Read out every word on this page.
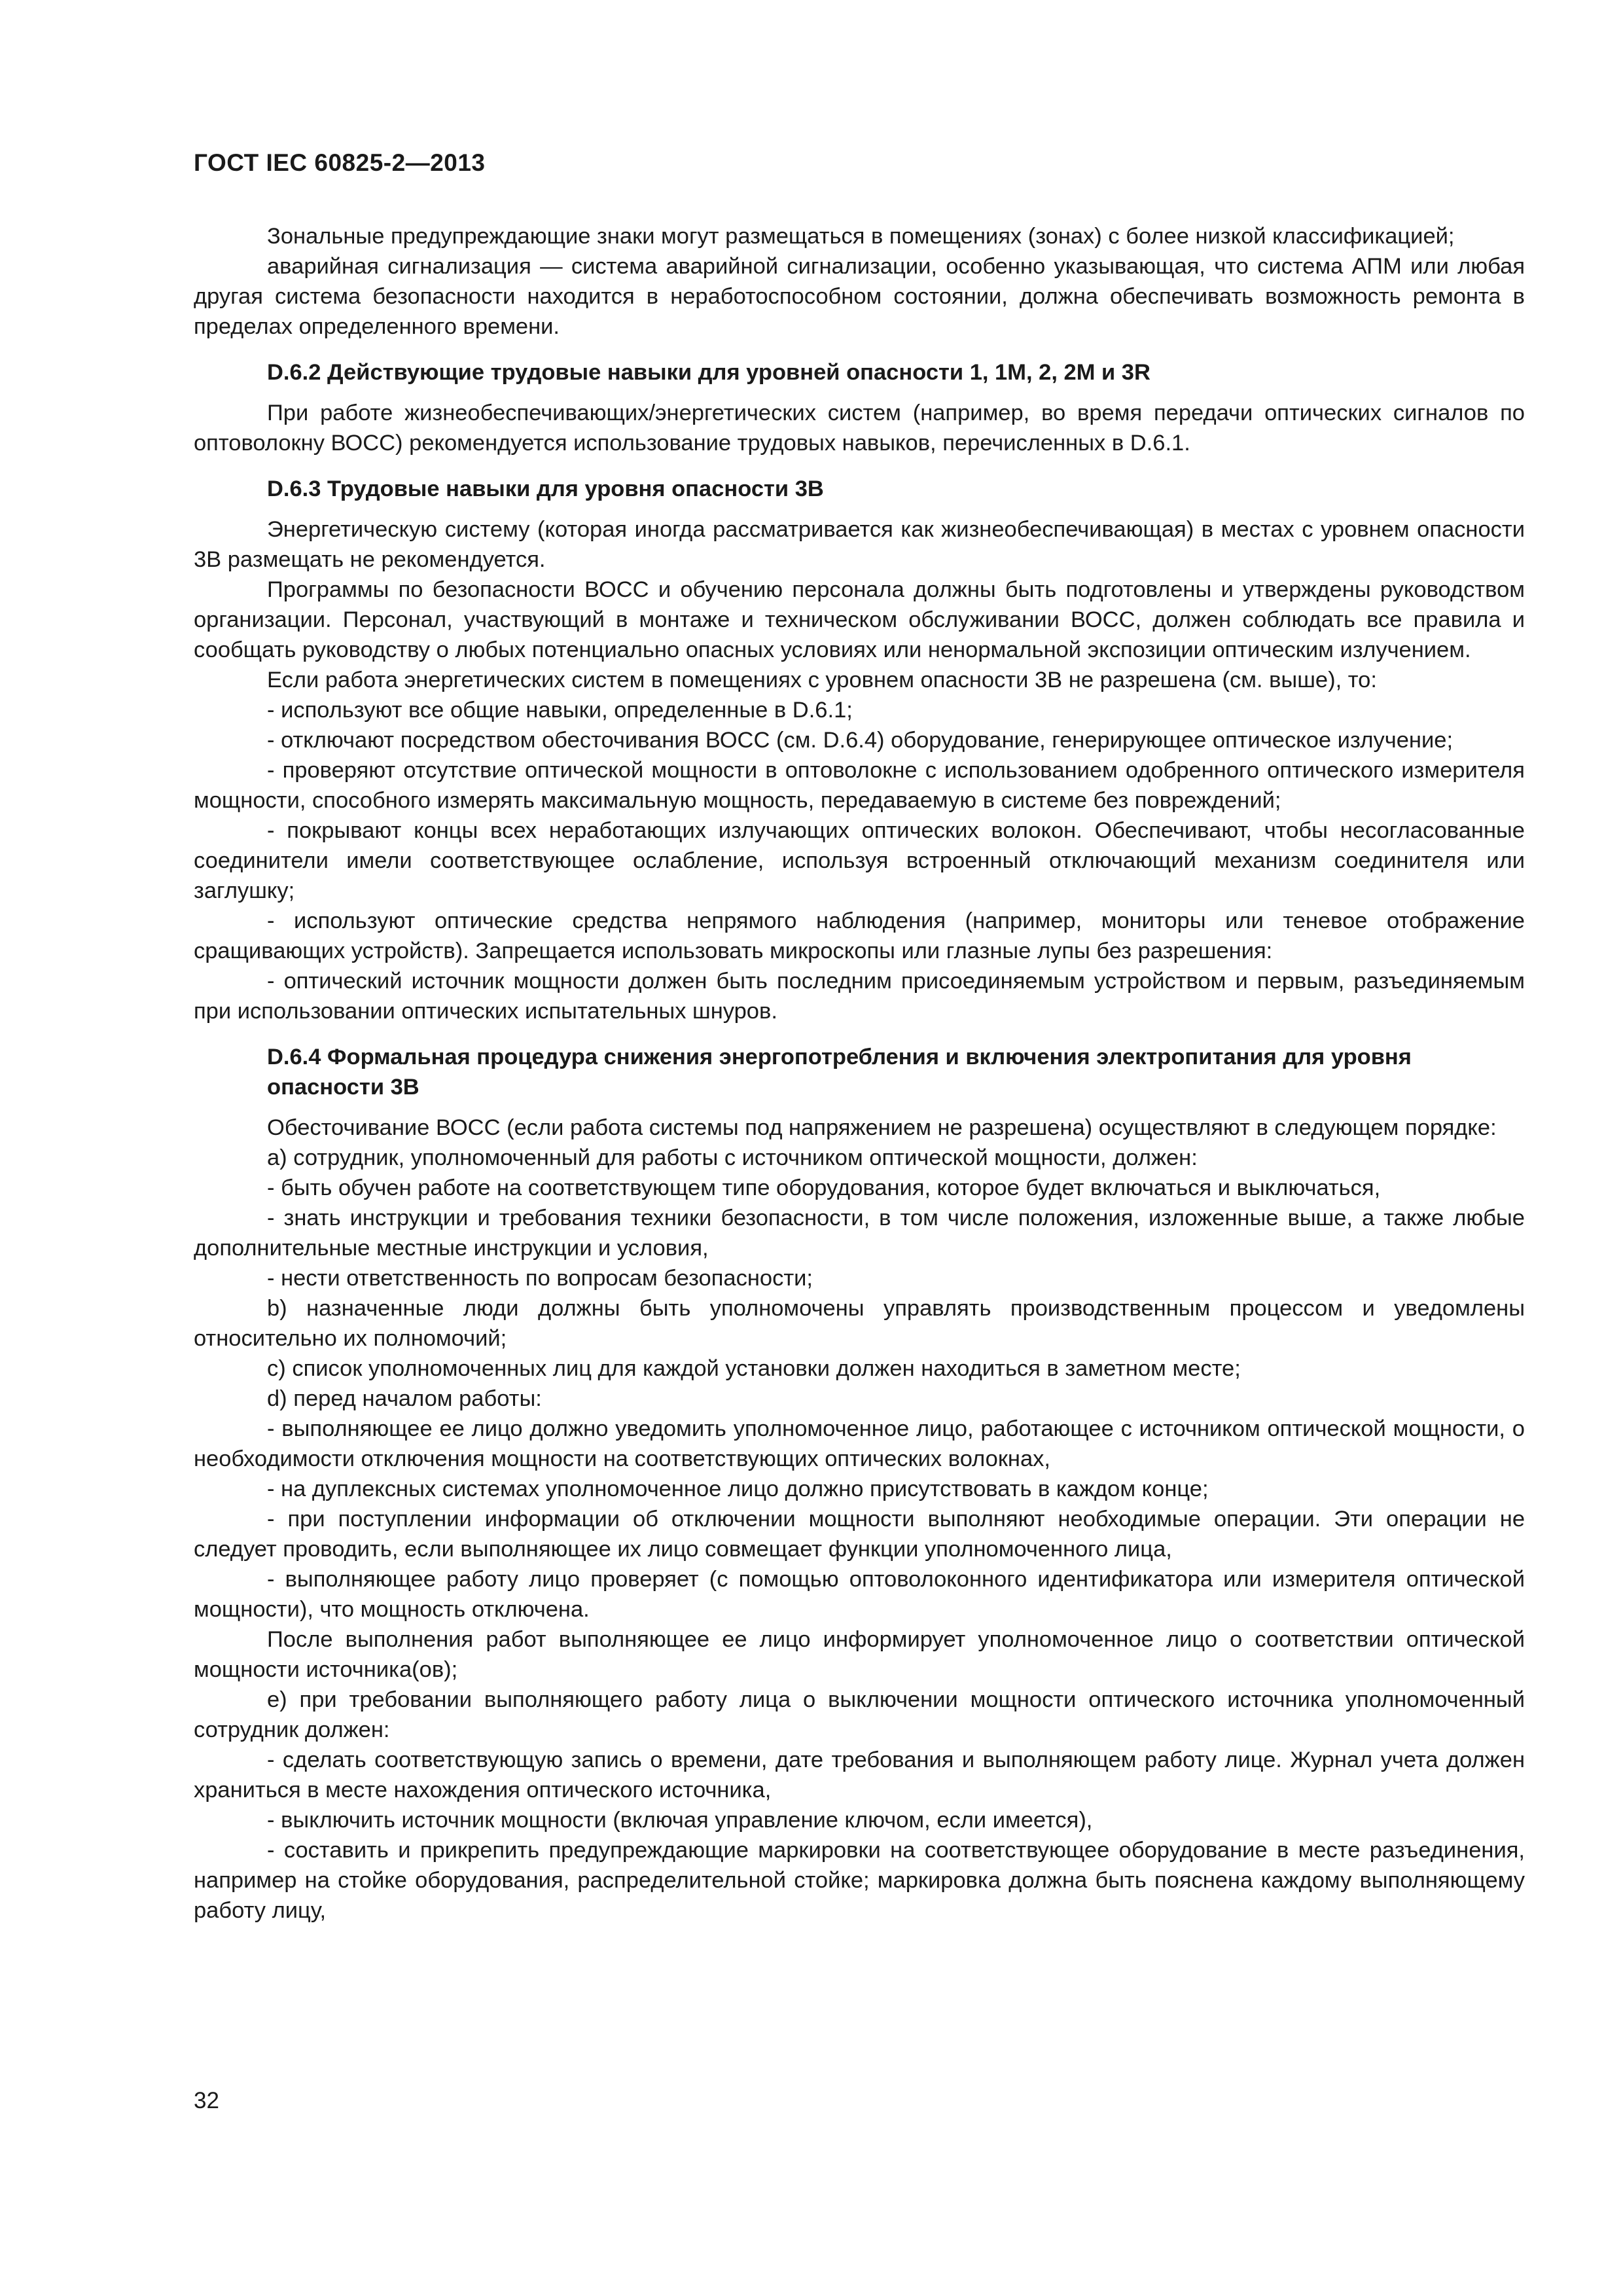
ГОСТ IEC 60825-2—2013

Зональные предупреждающие знаки могут размещаться в помещениях (зонах) с более низкой классификацией;

аварийная сигнализация — система аварийной сигнализации, особенно указывающая, что система АПМ или любая другая система безопасности находится в неработоспособном состоянии, должна обеспечивать возможность ремонта в пределах определенного времени.

D.6.2 Действующие трудовые навыки для уровней опасности 1, 1М, 2, 2М и 3R

При работе жизнеобеспечивающих/энергетических систем (например, во время передачи оптических сигналов по оптоволокну ВОСС) рекомендуется использование трудовых навыков, перечисленных в D.6.1.

D.6.3 Трудовые навыки для уровня опасности 3В

Энергетическую систему (которая иногда рассматривается как жизнеобеспечивающая) в местах с уровнем опасности 3В размещать не рекомендуется.

Программы по безопасности ВОСС и обучению персонала должны быть подготовлены и утверждены руководством организации. Персонал, участвующий в монтаже и техническом обслуживании ВОСС, должен соблюдать все правила и сообщать руководству о любых потенциально опасных условиях или ненормальной экспозиции оптическим излучением.

Если работа энергетических систем в помещениях с уровнем опасности 3В не разрешена (см. выше), то:

- используют все общие навыки, определенные в D.6.1;

- отключают посредством обесточивания ВОСС (см. D.6.4) оборудование, генерирующее оптическое излучение;

- проверяют отсутствие оптической мощности в оптоволокне с использованием одобренного оптического измерителя мощности, способного измерять максимальную мощность, передаваемую в системе без повреждений;

- покрывают концы всех неработающих излучающих оптических волокон. Обеспечивают, чтобы несогласованные соединители имели соответствующее ослабление, используя встроенный отключающий механизм соединителя или заглушку;

- используют оптические средства непрямого наблюдения (например, мониторы или теневое отображение сращивающих устройств). Запрещается использовать микроскопы или глазные лупы без разрешения:

- оптический источник мощности должен быть последним присоединяемым устройством и первым, разъединяемым при использовании оптических испытательных шнуров.

D.6.4 Формальная процедура снижения энергопотребления и включения электропитания для уровня опасности 3В

Обесточивание ВОСС (если работа системы под напряжением не разрешена) осуществляют в следующем порядке:

а) сотрудник, уполномоченный для работы с источником оптической мощности, должен:

- быть обучен работе на соответствующем типе оборудования, которое будет включаться и выключаться,

- знать инструкции и требования техники безопасности, в том числе положения, изложенные выше, а также любые дополнительные местные инструкции и условия,

- нести ответственность по вопросам безопасности;

b) назначенные люди должны быть уполномочены управлять производственным процессом и уведомлены относительно их полномочий;

с) список уполномоченных лиц для каждой установки должен находиться в заметном месте;

d) перед началом работы:

- выполняющее ее лицо должно уведомить уполномоченное лицо, работающее с источником оптической мощности, о необходимости отключения мощности на соответствующих оптических волокнах,

- на дуплексных системах уполномоченное лицо должно присутствовать в каждом конце;

- при поступлении информации об отключении мощности выполняют необходимые операции. Эти операции не следует проводить, если выполняющее их лицо совмещает функции уполномоченного лица,

- выполняющее работу лицо проверяет (с помощью оптоволоконного идентификатора или измерителя оптической мощности), что мощность отключена.

После выполнения работ выполняющее ее лицо информирует уполномоченное лицо о соответствии оптической мощности источника(ов);

е) при требовании выполняющего работу лица о выключении мощности оптического источника уполномоченный сотрудник должен:

- сделать соответствующую запись о времени, дате требования и выполняющем работу лице. Журнал учета должен храниться в месте нахождения оптического источника,

- выключить источник мощности (включая управление ключом, если имеется),

- составить и прикрепить предупреждающие маркировки на соответствующее оборудование в месте разъединения, например на стойке оборудования, распределительной стойке; маркировка должна быть пояснена каждому выполняющему работу лицу,

32
